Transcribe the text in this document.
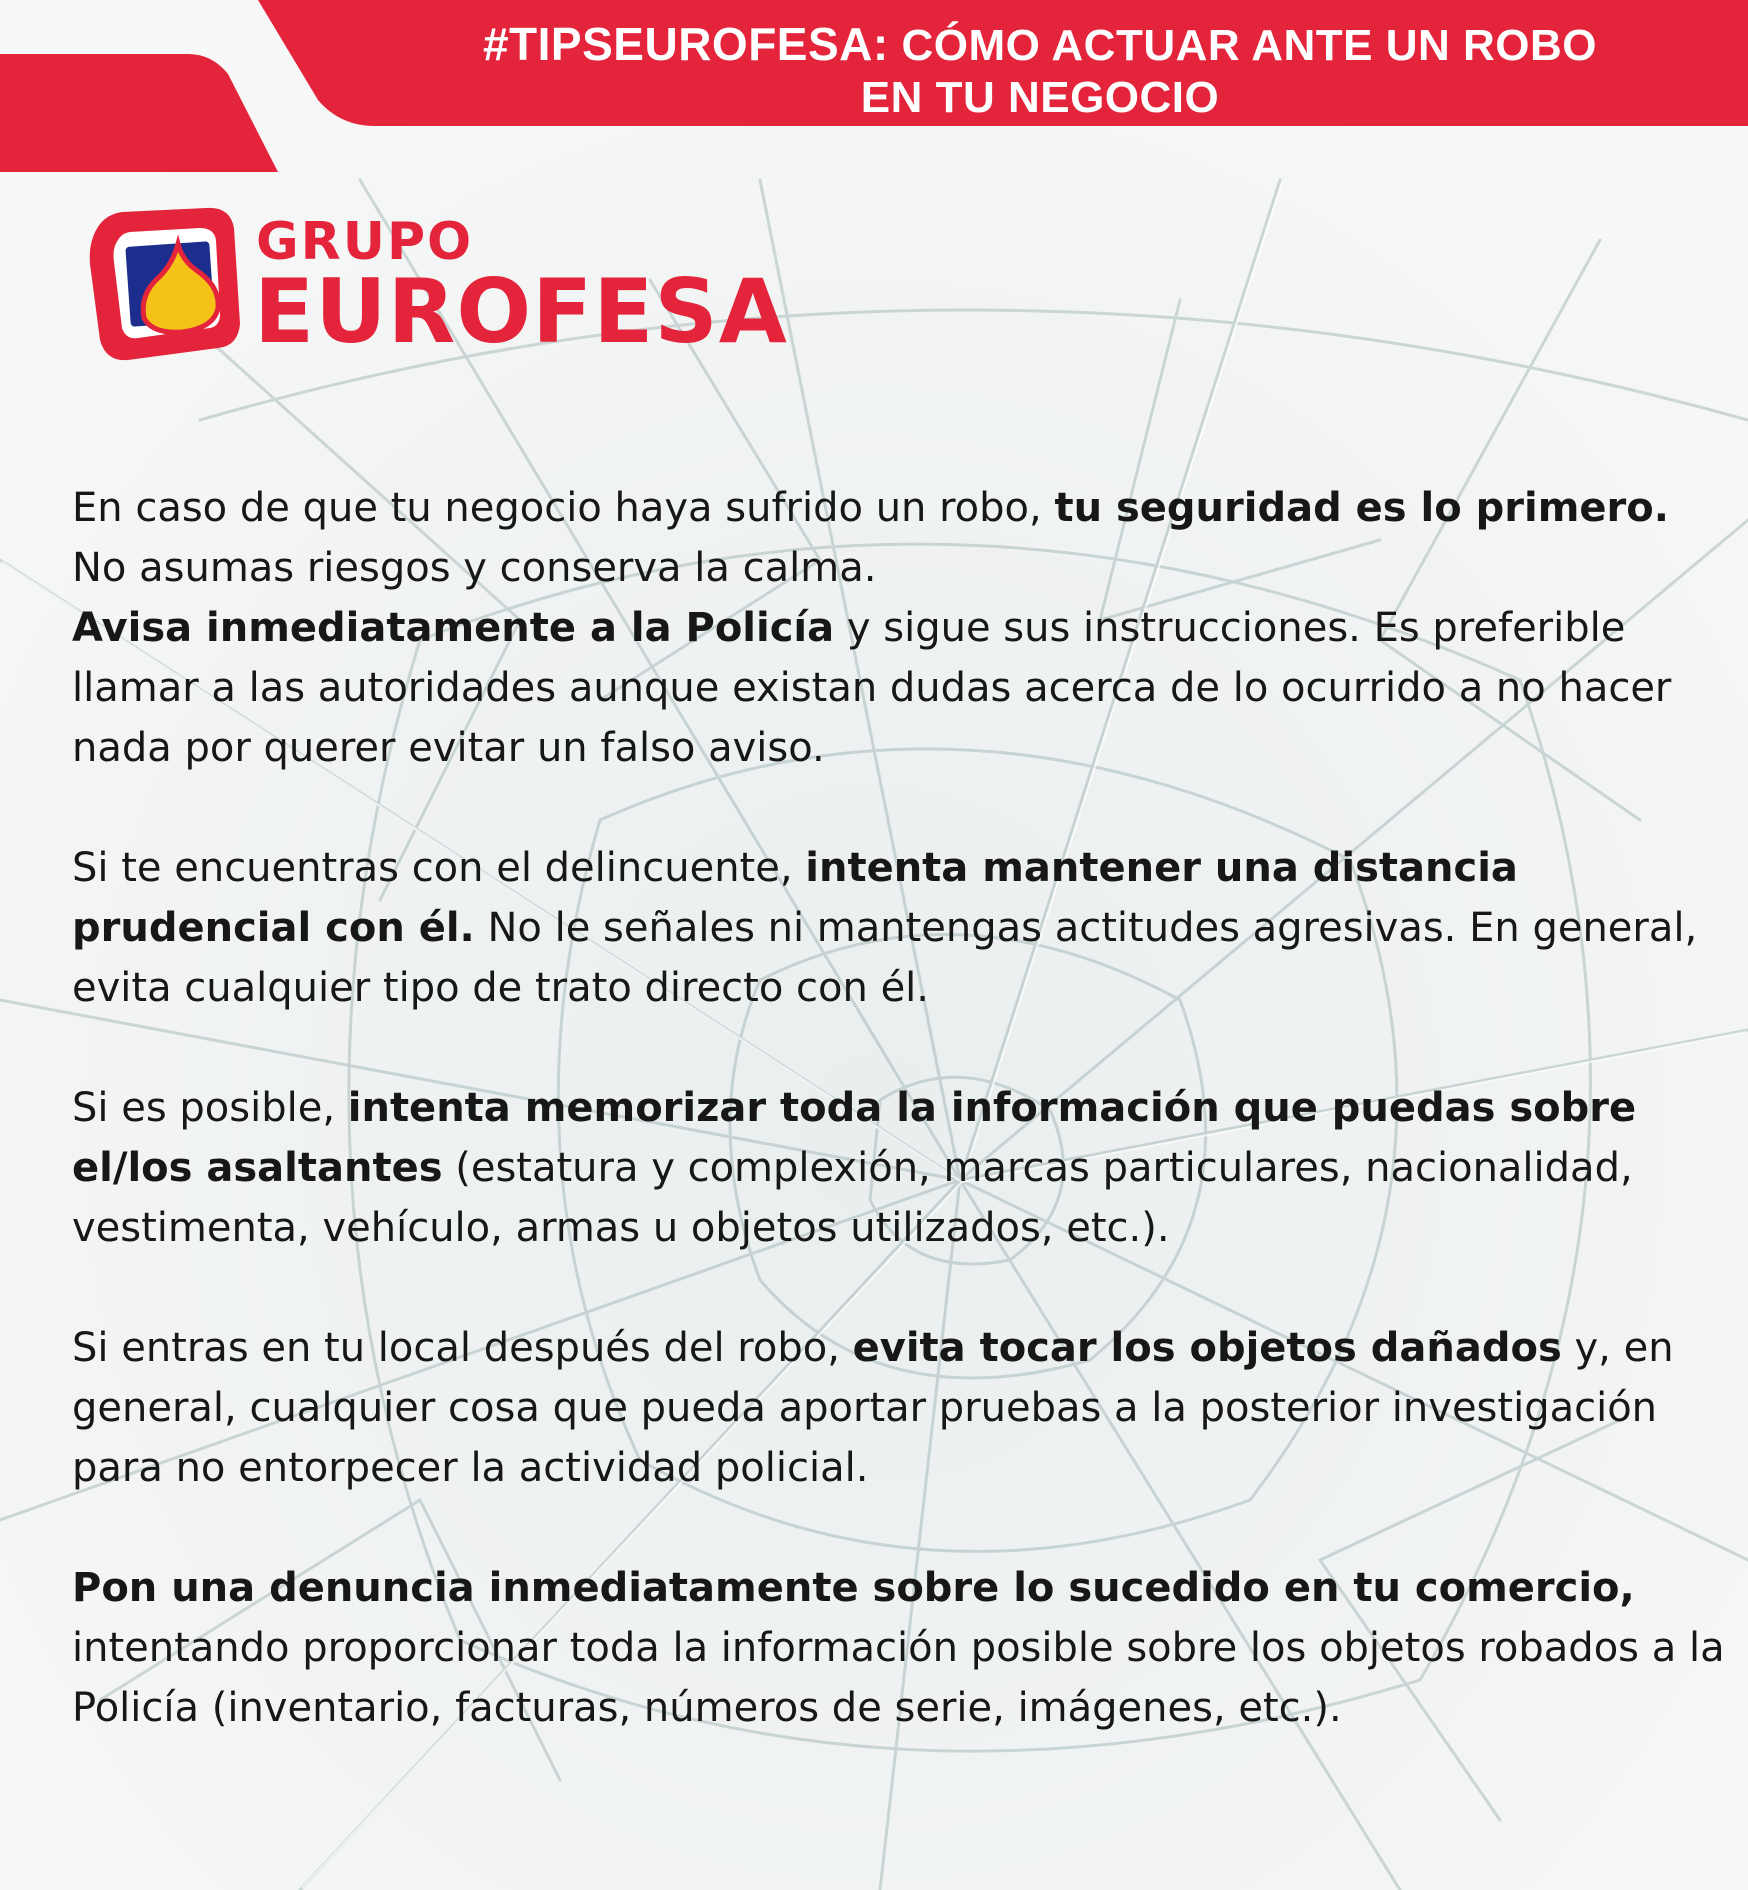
#TIPSEUROFESA: CÓMO ACTUAR ANTE UN ROBO
EN TU NEGOCIO
GRUPO
EUROFESA

En caso de que tu negocio haya sufrido un robo, tu seguridad es lo primero.
No asumas riesgos y conserva la calma.
Avisa inmediatamente a la Policía y sigue sus instrucciones. Es preferible llamar a las autoridades aunque existan dudas acerca de lo ocurrido a no hacer nada por querer evitar un falso aviso.

Si te encuentras con el delincuente, intenta mantener una distancia prudencial con él. No le señales ni mantengas actitudes agresivas. En general, evita cualquier tipo de trato directo con él.

Si es posible, intenta memorizar toda la información que puedas sobre el/los asaltantes (estatura y complexión, marcas particulares, nacionalidad, vestimenta, vehículo, armas u objetos utilizados, etc.).

Si entras en tu local después del robo, evita tocar los objetos dañados y, en general, cualquier cosa que pueda aportar pruebas a la posterior investigación para no entorpecer la actividad policial.

Pon una denuncia inmediatamente sobre lo sucedido en tu comercio, intentando proporcionar toda la información posible sobre los objetos robados a la Policía (inventario, facturas, números de serie, imágenes, etc.).
